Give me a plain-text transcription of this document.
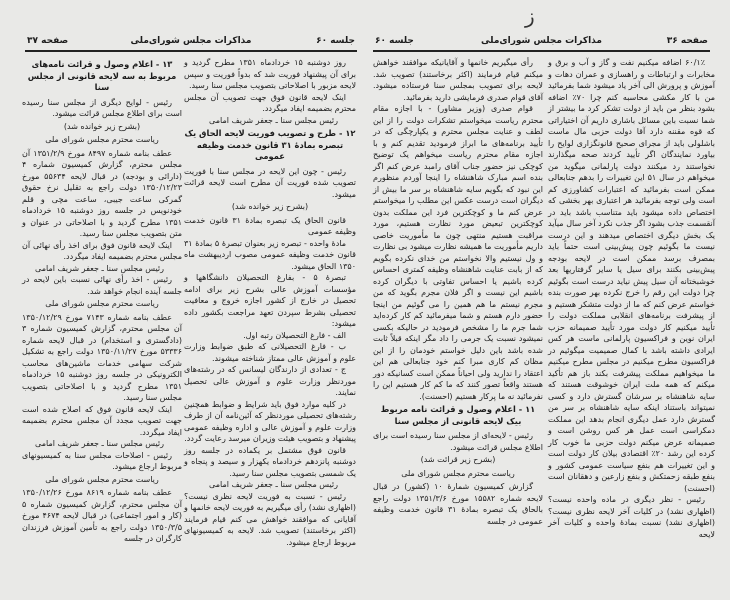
جلسه ۶۰
مذاکرات مجلس شورای‌ملی
صفحه ۳۷

روز دوشنبه ۱۵ خردادماه ۱۳۵۱ مطرح گردید و برای آن پیشنهاد فوریت شد که بدواً فوریت و سپس لایحه مزبور با اصلاحاتی بتصویب مجلس سنا رسید.

اینک لایحه قانون فوق جهت تصویب آن مجلس محترم بضمیمه ایفاد میگردد.

رئیس مجلس سنا ـ جعفر شریف امامی

۱۲ - طرح و تصویب فوریت لایحه الحاق یک تبصره بمادهٔ ۳۱ قانون خدمت وظیفه عمومی

رئیس - چون این لایحه در مجلس سنا با فوریت تصویب شده فوریت آن مطرح است لایحه قرائت میشود.

(بشرح زیر خوانده شد)

قانون الحاق یک تبصره بمادهٔ ۳۱ قانون خدمت وظیفه عمومی

مادهٔ واحده - تبصره زیر بعنوان تبصرهٔ ۵ بمادهٔ ۳۱ قانون خدمت وظیفه عمومی مصوب اردیبهشت ماه ۱۳۵۰ الحاق میشود.

تبصرهٔ ۵ - بفارغ التحصیلان دانشگاهها و مؤسسات آموزش عالی بشرح زیر برای ادامه تحصیل در خارج از کشور اجازه خروج و معافیت تحصیلی بشرط سپردن تعهد مراجعت بکشور داده میشود:

الف - فارغ التحصیلان رتبه اول.

ب - فارغ التحصیلانی که طبق ضوابط وزارت علوم و آموزش عالی ممتاز شناخته میشوند.

ج - تعدادی از دارندگان لیسانس که در رشته‌های موردنظر وزارت علوم و آموزش عالی تحصیل نمایند.

در کلیه موارد فوق باید شرایط و ضوابط همچنین رشته‌های تحصیلی موردنظر که آئین‌نامه آن از طرف وزارت علوم و آموزش عالی و اداره وظیفه عمومی پیشنهاد و بتصویب هیئت وزیران میرسد رعایت گردد.

قانون فوق مشتمل بر یکماده در جلسه روز دوشنبه پانزدهم خردادماه یکهزار و سیصد و پنجاه و یک شمسی بتصویب مجلس سنا رسید.

رئیس مجلس سنا ـ جعفر شریف امامی

رئیس - نسبت به فوریت لایحه نظری نیست؟ (اظهاری نشد) رأی میگیریم به فوریت لایحه خانمها و آقایانی که موافقند خواهش می کنم قیام فرمایند (اکثر برخاستند) تصویب شد. لایحه به کمیسیونهای مربوط ارجاع میشود.

۱۳ - اعلام وصول و قرائت نامه‌های مربوط به سه لایحه قانونی از مجلس سنا

رئیس - لوایح دیگری از مجلس سنا رسیده است برای اطلاع مجلس قرائت میشود.

(بشرح زیر خوانده شد)

ریاست محترم مجلس شورای ملی

عطف بنامه شماره ۸۴۹۷ مورخ ۱۳۵۱/۲/۹ آن مجلس محترم، گزارش کمیسیون شماره ۴ (دارائی و بودجه) در قبال لایحه ۵۵۶۳۴ مورخ ۱۳۵۰/۱۲/۲۳ دولت راجع به تقلیل نرخ حقوق گمرکی ساعت جیبی، ساعت مچی و قلم خودنویس در جلسه روز دوشنبه ۱۵ خردادماه ۱۳۵۱ مطرح گردید و با اصلاحاتی در عنوان و متن بتصویب مجلس سنا رسید.

اینک لایحه قانون فوق برای اخذ رأی نهائی آن مجلس محترم بضمیمه ایفاد میگردد.

رئیس مجلس سنا ـ جعفر شریف امامی

رئیس - اخذ رأی نهائی نسبت باین لایحه در جلسه آینده انجام خواهد شد.

ریاست محترم مجلس شورای ملی

عطف بنامه شماره ۷۱۴۳ مورخ ۱۳۵۰/۱۲/۲۹ آن مجلس محترم، گزارش کمیسیون شماره ۳ (دادگستری و استخدام) در قبال لایحه شماره ۵۳۳۳۶ مورخ ۱۳۵۰/۱۱/۲۷ دولت راجع به تشکیل شرکت سهامی خدمات ماشین‌های محاسب الکترونیکی در جلسه روز دوشنبه ۱۵ خردادماه ۱۳۵۱ مطرح گردید و با اصلاحاتی بتصویب مجلس سنا رسید.

اینک لایحه قانون فوق که اصلاح شده است جهت تصویب مجدد آن مجلس محترم بضمیمه ایفاد میگردد.

رئیس مجلس سنا ـ جعفر شریف امامی

رئیس - اصلاحات مجلس سنا به کمیسیونهای مربوط ارجاع میشود.

ریاست محترم مجلس شورای ملی

عطف بنامه شماره ۸۶۱۹ مورخ ۱۳۵۰/۱۲/۲۶ آن مجلس محترم، گزارش کمیسیون شماره ۵ (کار و امور اجتماعی) در قبال لایحه ۴۶۷۴ مورخ ۱۳۵۰/۳/۵ دولت راجع به تأمین آموزش فرزندان کارگران در جلسه

ز
صفحه ۳۶
مذاکرات مجلس شورای‌ملی
جلسه ۶۰

۶۰/۱٪ اضافه میکنیم نفت و گاز و آب و برق و مخابرات و ارتباطات و راهسازی و عمران دهات و آموزش و پرورش الی آخر یاد میشود شما بفرمائید من با کار مکشی محاسبه کنم چرا ۷۰٪ اضافه بشود بنظر من باید از دولت تشکر کرد ما بیشتر از شما نسبت باین مسائل باشاری داریم آن اختیاراتی که قوه مقننه دارد آقا دولت حزبی مال ماست باشلولی باید از مجرای صحیح قانونگزاری لوایح را بیاورد نمایندگان اگر تأیید کردند صحه میگذارند نخواستند رد میکنند دولت پارلمانی میگوید من میخواهم در سال ۵۱ این تغییرات را بدهم جنابعالی ممکن است بفرمائید که اعتبارات کشاورزی کم است ولی توجه بفرمائید هر اعتباری بهر بخشی که اختصاص داده میشود باید متناسب باشد باید در آنقسمت جذب بشود اگر جذب نکرد آخر سال میآید یک بخش دیگری اختصاص میدهند و این درست نیست ما بگوئیم چون پیش‌بینی است حتماً باید بمصرف برسد ممکن است در لایحه بودجه پیش‌بینی بکنند برای سیل یا سایر گرفتاریها بعد خوشبختانه آن سیل پیش نیاید درست است بگوئیم چرا دولت این رقم را خرج نکرده بهر صورت بنده خواستم عرض کنم که ما از دولت متشکر هستیم و از پیشرفت برنامه‌های انقلابی مملکت دولت را تأیید میکنیم کار دولت مورد تأیید صمیمانه حزب ایران نوین و فراکسیون پارلمانی ماست هر کس ایرادی داشته باشد با کمال صمیمیت میگوئیم در فراکسیون مطرح میکنیم در مجلس مطرح میکنیم ما میخواهیم مملکت پیشرفت بکند باز هم تأکید میکنم که همه ملت ایران خوشوقت هستند که سایه شاهنشاه بر سرشان گسترش دارد و کسی نمیتواند باستناد اینکه سایه شاهنشاه بر سر من گسترش دارد عمل دیگری انجام بدهد این مملکت دمکراسی است عمل هر کس روشن است و صمیمانه عرض میکنم دولت حزبی ما خوب کار کرده این رشد ۲۰٪ اقتصادی بیلان کار دولت است و این تغییرات هم بنفع سیاست عمومی کشور و بنفع طبقه زحمتکش و بنفع زارعین و دهقانان است (احسنت)

رئیس - نظر دیگری در ماده واحده نیست؟ (اظهاری نشد) در کلیات آخر لایحه نظری نیست؟ (اظهاری نشد) نسبت بمادهٔ واحده و کلیات آخر لایحه

رأی میگیریم خانمها و آقایانیکه موافقند خواهش میکنم قیام فرمایند (اکثر برخاستند) تصویب شد. لایحه برای تصویب بمجلس سنا فرستاده میشود. آقای قوام صدری فرمایشی دارید بفرمائید.

قوام صدری (وزیر مشاور) - با اجازه مقام محترم ریاست میخواستم تشکرات دولت را از این لطف و عنایت مجلس محترم و یکپارچگی که در تأیید برنامه‌های ما ابراز فرمودید تقدیم کنم و با اجازه مقام محترم ریاست میخواهم یک توضیح کوچکی نیز حضور جناب آقای رامبد عرض کنم اگر بنده اسم مبارک شاهنشاه را اینجا آوردم منظورم این نبود که بگویم سایه شاهنشاه بر سر ما بیش از دیگران است درست عکس این مطلب را میخواستم عرض کنم ما و کوچکترین فرد این مملکت بدون کوچکترین تبعیض مورد نظارت هستیم، مورد مراقبت هستیم منتهی چون ما مأموریت خاصی داریم مأموریت ما همیشه نظارت میشود بی نظارت و ول نیستیم والا نخواستم من خدای نکرده بگویم که از بابت عنایت شاهنشاه وظیفه کمتری احساس کرده باشیم یا احساس تفاوتی با دیگران کرده باشیم این نیست و اگر فلان مجرم بگوید که من مجرم نیستم ما هم همین را می گوئیم من اینجا حضور دارم هستم و شما میفرمائید کم کار کرده‌اید شما جرم ما را مشخص فرمودید در حالیکه بکسی نمیشود نسبت یک جرمی را داد مگر اینکه قبلاً ثابت شده باشد باین دلیل خواستم خودمان را از این مظان کم کاری مبرا کنم خود جنابعالی هم این اعتقاد را ندارید ولی احیاناً ممکن است کسانیکه دور هستند واقعاً تصور کنند که ما کم کار هستیم این را نفرمائید نه ما پرکار هستیم (احسنت).

۱۱ - اعلام وصول و قرائت نامه مربوط بیک لایحه قانونی از مجلس سنا

رئیس - لایحه‌ای از مجلس سنا رسیده است برای اطلاع مجلس قرائت میشود.

(بشرح زیر قرائت شد)

ریاست محترم مجلس شورای ملی

گزارش کمیسیون شمارهٔ ۱۰ (کشور) در قبال لایحه شماره ۱۵۵۸۲ مورخ ۱۳۵۱/۳/۶ دولت راجع بالحاق یک تبصره بمادهٔ ۳۱ قانون خدمت وظیفه عمومی در جلسه
